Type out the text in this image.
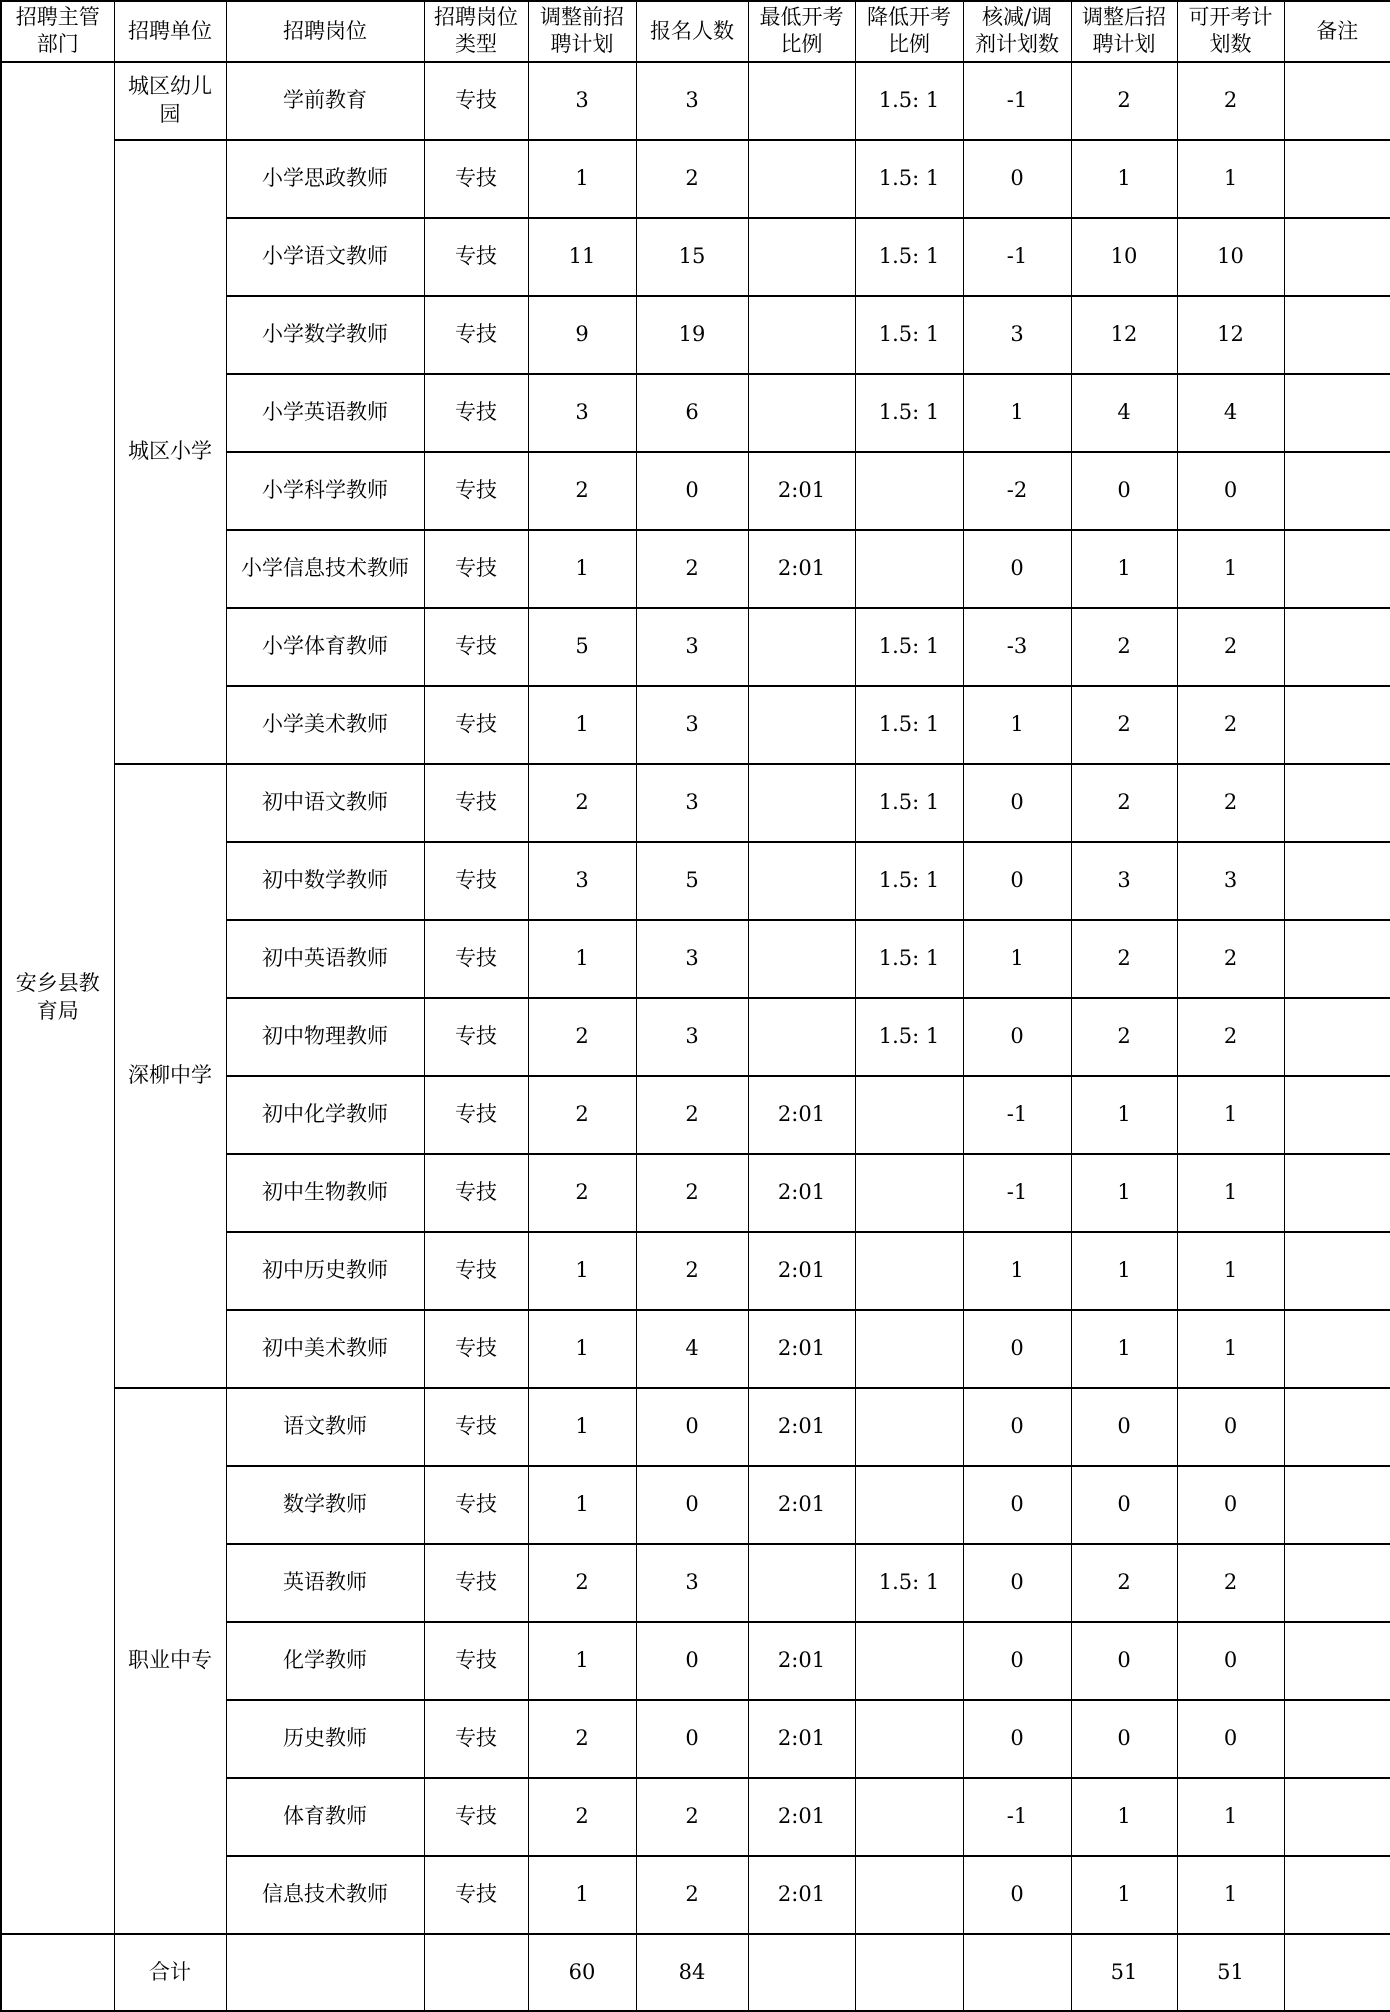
招聘主管部门	招聘单位	招聘岗位	招聘岗位类型	调整前招聘计划	报名人数	最低开考比例	降低开考比例	核减/调剂计划数	调整后招聘计划	可开考计划数	备注
安乡县教育局	城区幼儿园	学前教育	专技	3	3		1.5: 1	-1	2	2	
	城区小学	小学思政教师	专技	1	2		1.5: 1	0	1	1	
		小学语文教师	专技	11	15		1.5: 1	-1	10	10	
		小学数学教师	专技	9	19		1.5: 1	3	12	12	
		小学英语教师	专技	3	6		1.5: 1	1	4	4	
		小学科学教师	专技	2	0	2:01		-2	0	0	
		小学信息技术教师	专技	1	2	2:01		0	1	1	
		小学体育教师	专技	5	3		1.5: 1	-3	2	2	
		小学美术教师	专技	1	3		1.5: 1	1	2	2	
	深柳中学	初中语文教师	专技	2	3		1.5: 1	0	2	2	
		初中数学教师	专技	3	5		1.5: 1	0	3	3	
		初中英语教师	专技	1	3		1.5: 1	1	2	2	
		初中物理教师	专技	2	3		1.5: 1	0	2	2	
		初中化学教师	专技	2	2	2:01		-1	1	1	
		初中生物教师	专技	2	2	2:01		-1	1	1	
		初中历史教师	专技	1	2	2:01		1	1	1	
		初中美术教师	专技	1	4	2:01		0	1	1	
	职业中专	语文教师	专技	1	0	2:01		0	0	0	
		数学教师	专技	1	0	2:01		0	0	0	
		英语教师	专技	2	3		1.5: 1	0	2	2	
		化学教师	专技	1	0	2:01		0	0	0	
		历史教师	专技	2	0	2:01		0	0	0	
		体育教师	专技	2	2	2:01		-1	1	1	
		信息技术教师	专技	1	2	2:01		0	1	1	
	合计			60	84				51	51	
